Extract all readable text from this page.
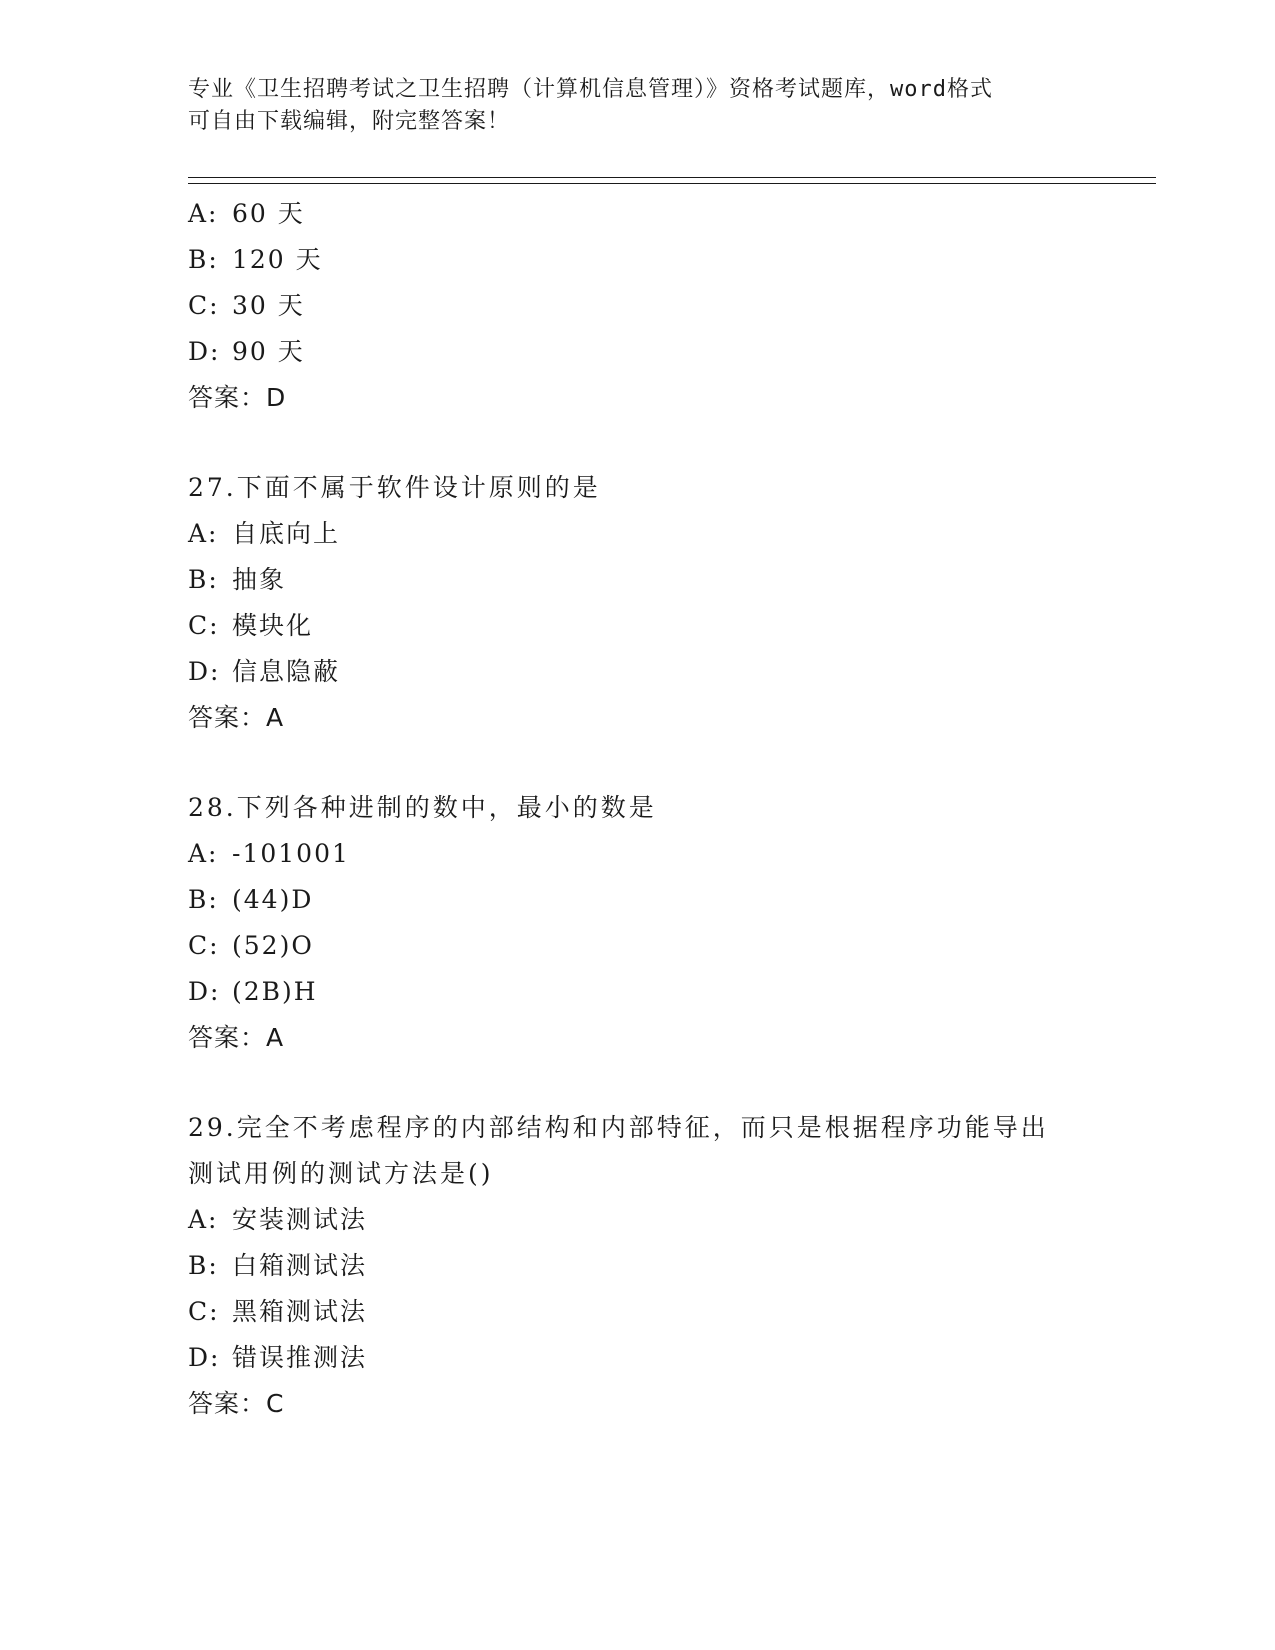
专业《卫生招聘考试之卫生招聘（计算机信息管理）》资格考试题库，word格式
可自由下载编辑，附完整答案！
A: 60 天
B: 120 天
C: 30 天
D: 90 天
答案：D
27.下面不属于软件设计原则的是
A: 自底向上
B: 抽象
C: 模块化
D: 信息隐蔽
答案：A
28.下列各种进制的数中，最小的数是
A: -101001
B: (44)D
C: (52)O
D: (2B)H
答案：A
29.完全不考虑程序的内部结构和内部特征，而只是根据程序功能导出
测试用例的测试方法是()
A: 安装测试法
B: 白箱测试法
C: 黑箱测试法
D: 错误推测法
答案：C
